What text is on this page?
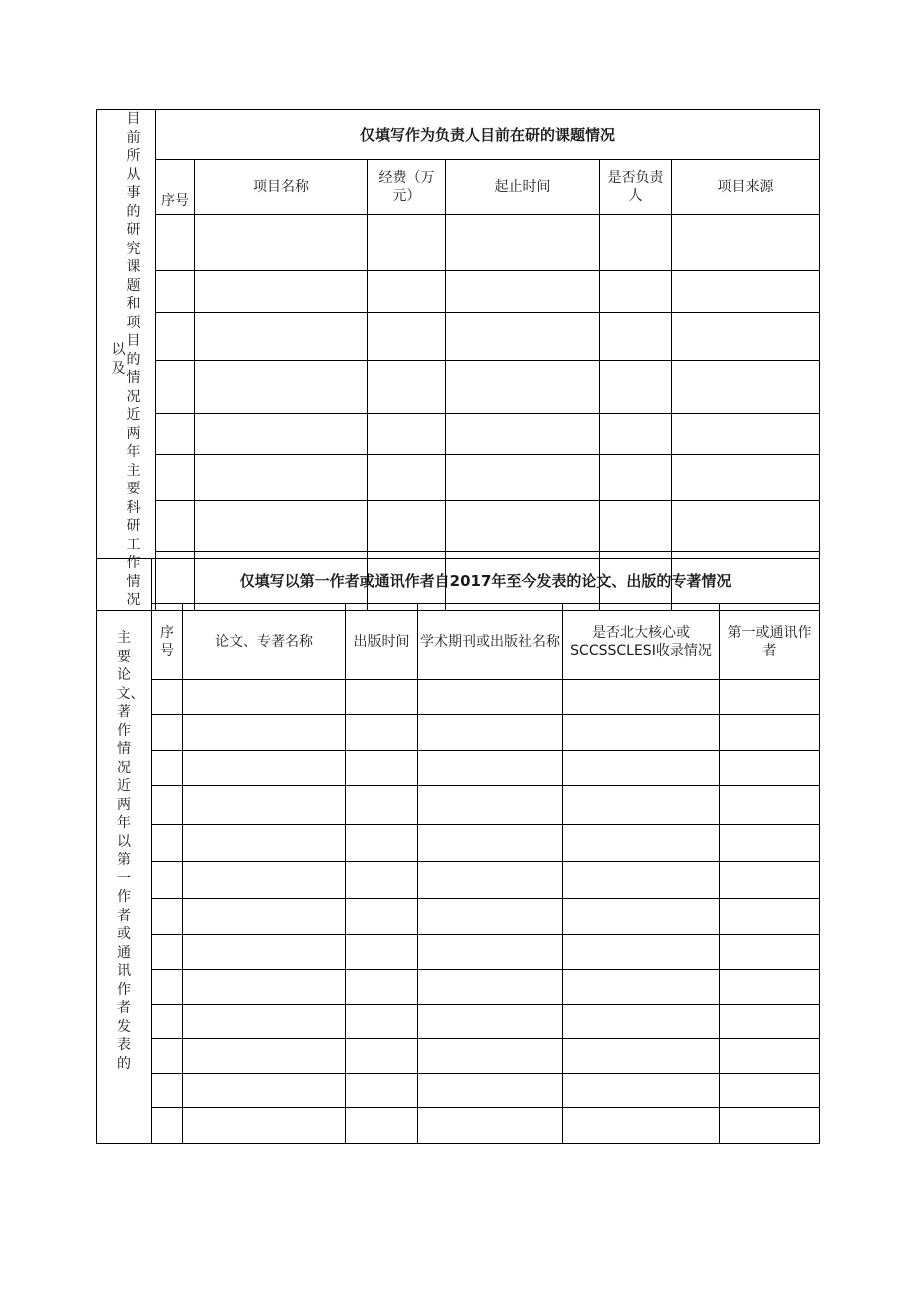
以及
目前所从事的研究课题和项目的情况近两年主要科研工作情况	仅填写作为负责人目前在研的课题情况					
	序号	项目名称	经费（万元）	起止时间	是否负责人	项目来源

主要论文、著作情况近两年以第一作者或通讯作者发表的	仅填写以第一作者或通讯作者自2017年至今发表的论文、出版的专著情况					
	序号	论文、专著名称	出版时间	学术期刊或出版社名称	是否北大核心或SCCSSCLESI收录情况	第一或通讯作者
